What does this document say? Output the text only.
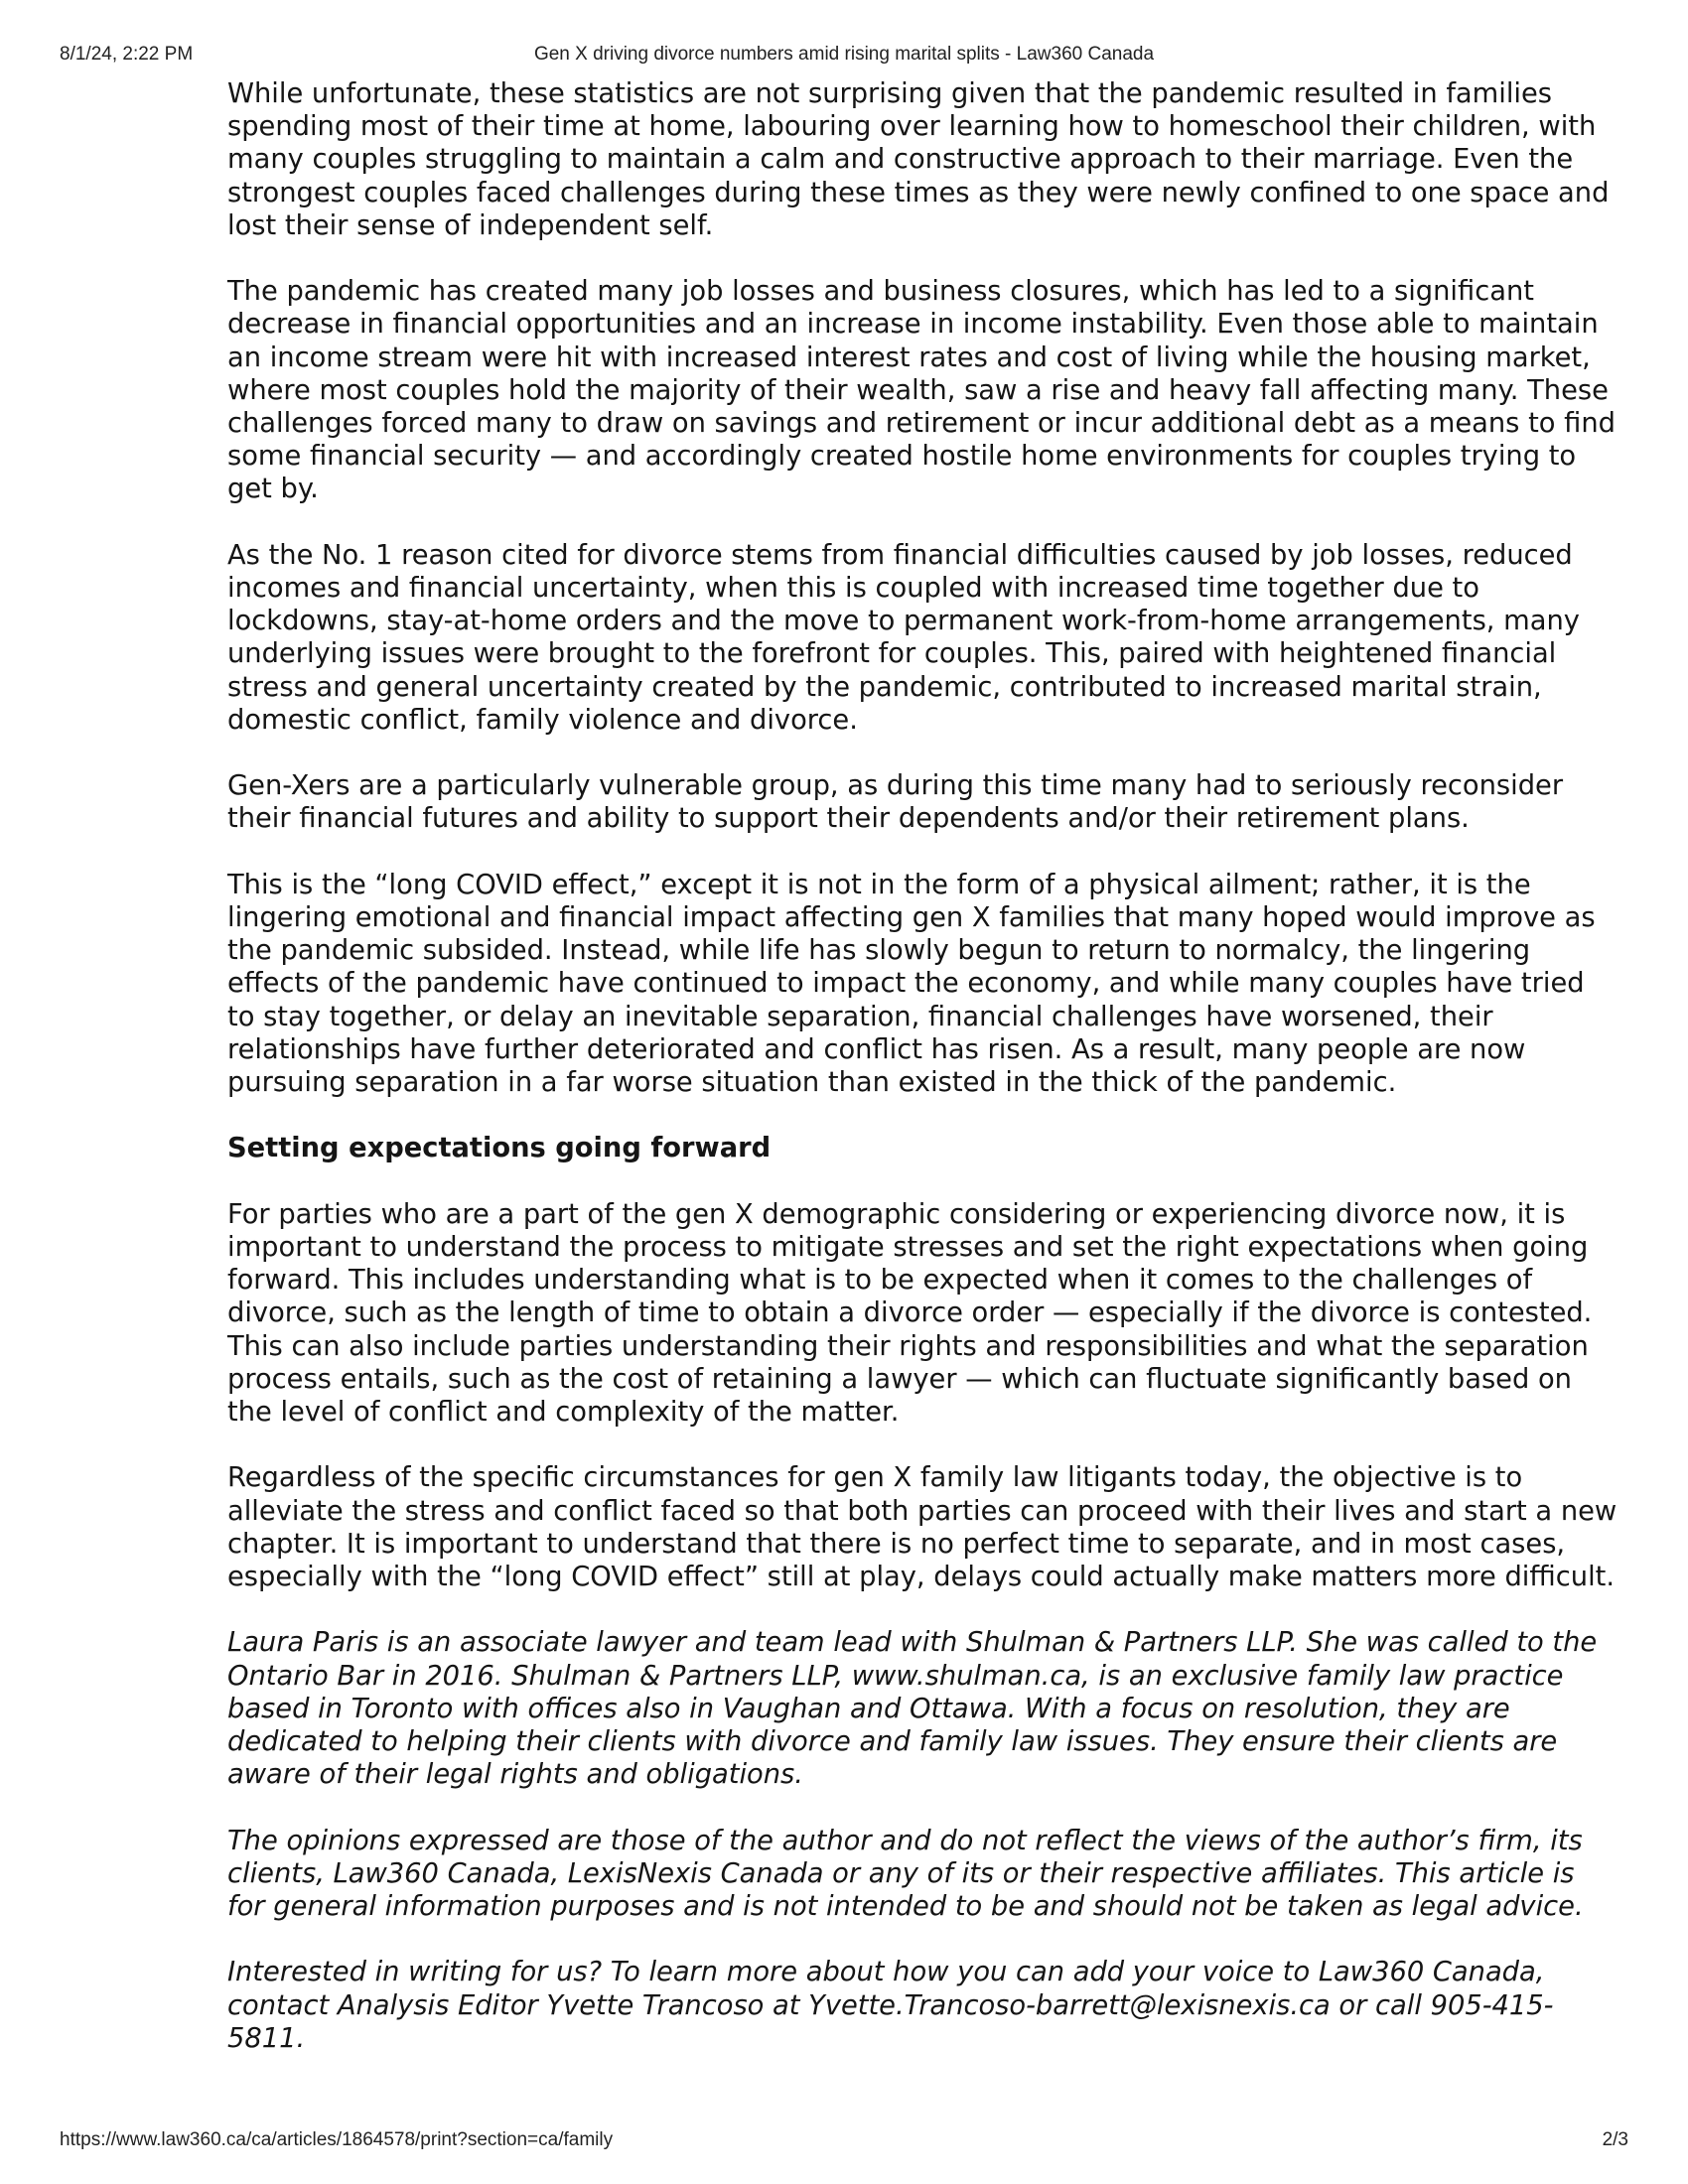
8/1/24, 2:22 PM	Gen X driving divorce numbers amid rising marital splits - Law360 Canada

While unfortunate, these statistics are not surprising given that the pandemic resulted in families spending most of their time at home, labouring over learning how to homeschool their children, with many couples struggling to maintain a calm and constructive approach to their marriage. Even the strongest couples faced challenges during these times as they were newly confined to one space and lost their sense of independent self.

The pandemic has created many job losses and business closures, which has led to a significant decrease in financial opportunities and an increase in income instability. Even those able to maintain an income stream were hit with increased interest rates and cost of living while the housing market, where most couples hold the majority of their wealth, saw a rise and heavy fall affecting many. These challenges forced many to draw on savings and retirement or incur additional debt as a means to find some financial security — and accordingly created hostile home environments for couples trying to get by.

As the No. 1 reason cited for divorce stems from financial difficulties caused by job losses, reduced incomes and financial uncertainty, when this is coupled with increased time together due to lockdowns, stay-at-home orders and the move to permanent work-from-home arrangements, many underlying issues were brought to the forefront for couples. This, paired with heightened financial stress and general uncertainty created by the pandemic, contributed to increased marital strain, domestic conflict, family violence and divorce.

Gen-Xers are a particularly vulnerable group, as during this time many had to seriously reconsider their financial futures and ability to support their dependents and/or their retirement plans.

This is the “long COVID effect,” except it is not in the form of a physical ailment; rather, it is the lingering emotional and financial impact affecting gen X families that many hoped would improve as the pandemic subsided. Instead, while life has slowly begun to return to normalcy, the lingering effects of the pandemic have continued to impact the economy, and while many couples have tried to stay together, or delay an inevitable separation, financial challenges have worsened, their relationships have further deteriorated and conflict has risen. As a result, many people are now pursuing separation in a far worse situation than existed in the thick of the pandemic.

Setting expectations going forward

For parties who are a part of the gen X demographic considering or experiencing divorce now, it is important to understand the process to mitigate stresses and set the right expectations when going forward. This includes understanding what is to be expected when it comes to the challenges of divorce, such as the length of time to obtain a divorce order — especially if the divorce is contested. This can also include parties understanding their rights and responsibilities and what the separation process entails, such as the cost of retaining a lawyer — which can fluctuate significantly based on the level of conflict and complexity of the matter.

Regardless of the specific circumstances for gen X family law litigants today, the objective is to alleviate the stress and conflict faced so that both parties can proceed with their lives and start a new chapter. It is important to understand that there is no perfect time to separate, and in most cases, especially with the “long COVID effect” still at play, delays could actually make matters more difficult.

Laura Paris is an associate lawyer and team lead with Shulman & Partners LLP. She was called to the Ontario Bar in 2016. Shulman & Partners LLP, www.shulman.ca, is an exclusive family law practice based in Toronto with offices also in Vaughan and Ottawa. With a focus on resolution, they are dedicated to helping their clients with divorce and family law issues. They ensure their clients are aware of their legal rights and obligations.

The opinions expressed are those of the author and do not reflect the views of the author’s firm, its clients, Law360 Canada, LexisNexis Canada or any of its or their respective affiliates. This article is for general information purposes and is not intended to be and should not be taken as legal advice.

Interested in writing for us? To learn more about how you can add your voice to Law360 Canada, contact Analysis Editor Yvette Trancoso at Yvette.Trancoso-barrett@lexisnexis.ca or call 905-415-5811.

https://www.law360.ca/ca/articles/1864578/print?section=ca/family	2/3
